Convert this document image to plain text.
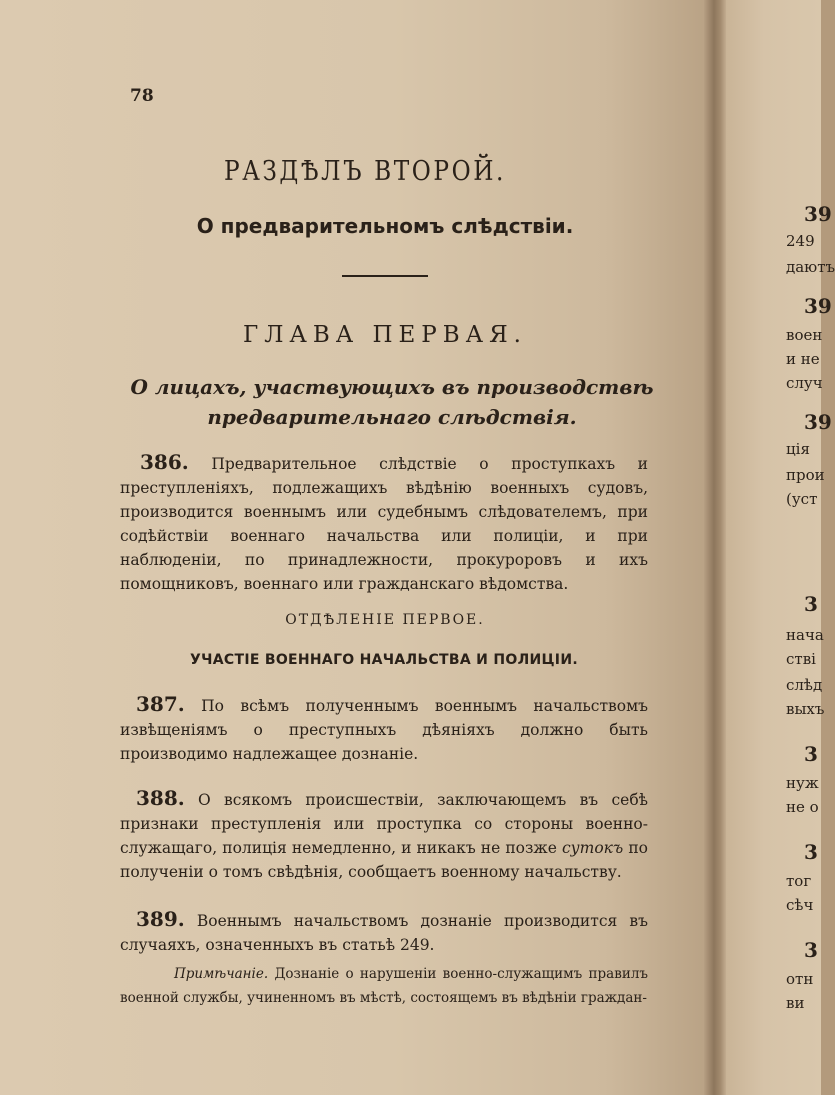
78
РАЗДѢЛЪ ВТОРОЙ.
О предварительномъ слѣдствiи.
ГЛАВА ПЕРВАЯ.
О лицахъ, участвующихъ въ производствѣ предварительнаго слѣдствiя.
386. Предварительное слѣдствiе о проступкахъ и преступленiяхъ, подлежащихъ вѣдѣнiю военныхъ судовъ, производится военнымъ или судебнымъ слѣдователемъ, при содѣйствiи военнаго начальства или полицiи, и при наблюденiи, по принадлежности, прокуроровъ и ихъ помощниковъ, военнаго или гражданскаго вѣдомства.
ОТДѢЛЕНIЕ ПЕРВОЕ.
УЧАСТIЕ ВОЕННАГО НАЧАЛЬСТВА И ПОЛИЦIИ.
387. По всѣмъ полученнымъ военнымъ начальствомъ извѣщенiямъ о преступныхъ дѣянiяхъ должно быть производимо надлежащее дознанiе.
388. О всякомъ происшествiи, заключающемъ въ себѣ признаки преступленiя или проступка со стороны военно-служащаго, полицiя немедленно, и никакъ не позже сутокъ по полученiи о томъ свѣдѣнiя, сообщаетъ военному начальству.
389. Военнымъ начальствомъ дознанiе производится въ случаяхъ, означенныхъ въ статьѣ 249.
Примѣчанiе. Дознанiе о нарушенiи военно-служащимъ правилъ военной службы, учиненномъ въ мѣстѣ, состоящемъ въ вѣдѣнiи граждан-
39
249
даютъ
39
воен
и не
случ
39
цiя
прои
(уст
3
нача
ствi
слѣд
выхъ
3
нуж
не о
3
тог
сѣч
3
отн
ви
